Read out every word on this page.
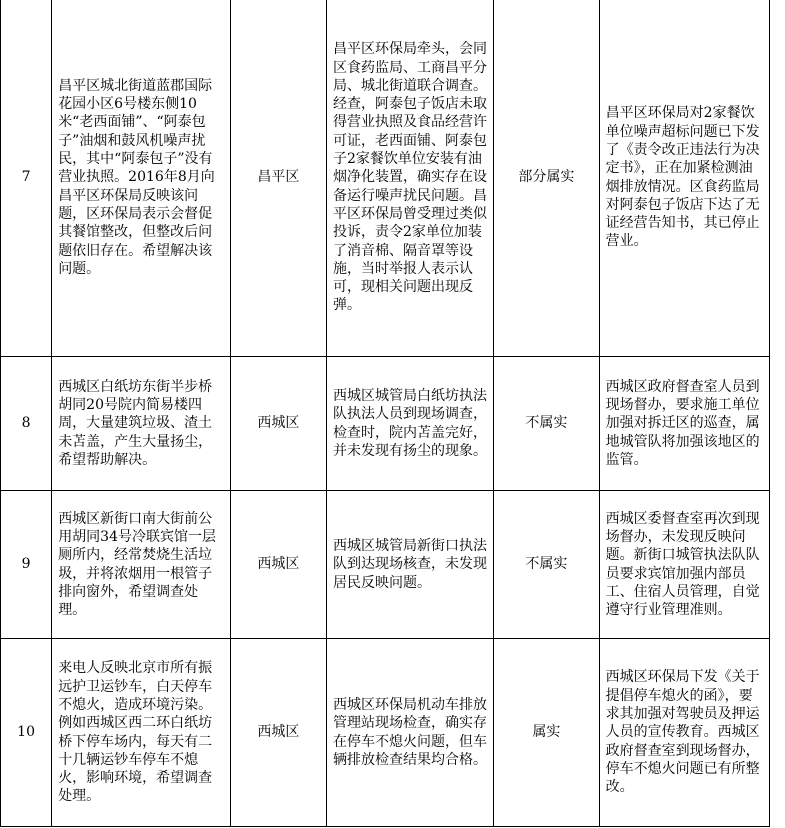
7	昌平区城北街道蓝郡国际花园小区6号楼东侧10米“老西面铺”、“阿泰包子”油烟和鼓风机噪声扰民，其中“阿泰包子”没有营业执照。2016年8月向昌平区环保局反映该问题，区环保局表示会督促其餐馆整改，但整改后问题依旧存在。希望解决该问题。	昌平区	昌平区环保局牵头，会同区食药监局、工商昌平分局、城北街道联合调查。经查，阿泰包子饭店未取得营业执照及食品经营许可证，老西面铺、阿泰包子2家餐饮单位安装有油烟净化装置，确实存在设备运行噪声扰民问题。昌平区环保局曾受理过类似投诉，责令2家单位加装了消音棉、隔音罩等设施，当时举报人表示认可，现相关问题出现反弹。	部分属实	昌平区环保局对2家餐饮单位噪声超标问题已下发了《责令改正违法行为决定书》，正在加紧检测油烟排放情况。区食药监局对阿泰包子饭店下达了无证经营告知书，其已停止营业。
8	西城区白纸坊东街半步桥胡同20号院内简易楼四周，大量建筑垃圾、渣土未苫盖，产生大量扬尘，希望帮助解决。	西城区	西城区城管局白纸坊执法队执法人员到现场调查，检查时，院内苫盖完好，并未发现有扬尘的现象。	不属实	西城区政府督查室人员到现场督办，要求施工单位加强对拆迁区的巡查，属地城管队将加强该地区的监管。
9	西城区新街口南大街前公用胡同34号冷联宾馆一层厕所内，经常焚烧生活垃圾，并将浓烟用一根管子排向窗外，希望调查处理。	西城区	西城区城管局新街口执法队到达现场核查，未发现居民反映问题。	不属实	西城区委督查室再次到现场督办，未发现反映问题。新街口城管执法队队员要求宾馆加强内部员工、住宿人员管理，自觉遵守行业管理准则。
10	来电人反映北京市所有振远护卫运钞车，白天停车不熄火，造成环境污染。例如西城区西二环白纸坊桥下停车场内，每天有二十几辆运钞车停车不熄火，影响环境，希望调查处理。	西城区	西城区环保局机动车排放管理站现场检查，确实存在停车不熄火问题，但车辆排放检查结果均合格。	属实	西城区环保局下发《关于提倡停车熄火的函》，要求其加强对驾驶员及押运人员的宣传教育。西城区政府督查室到现场督办，停车不熄火问题已有所整改。
